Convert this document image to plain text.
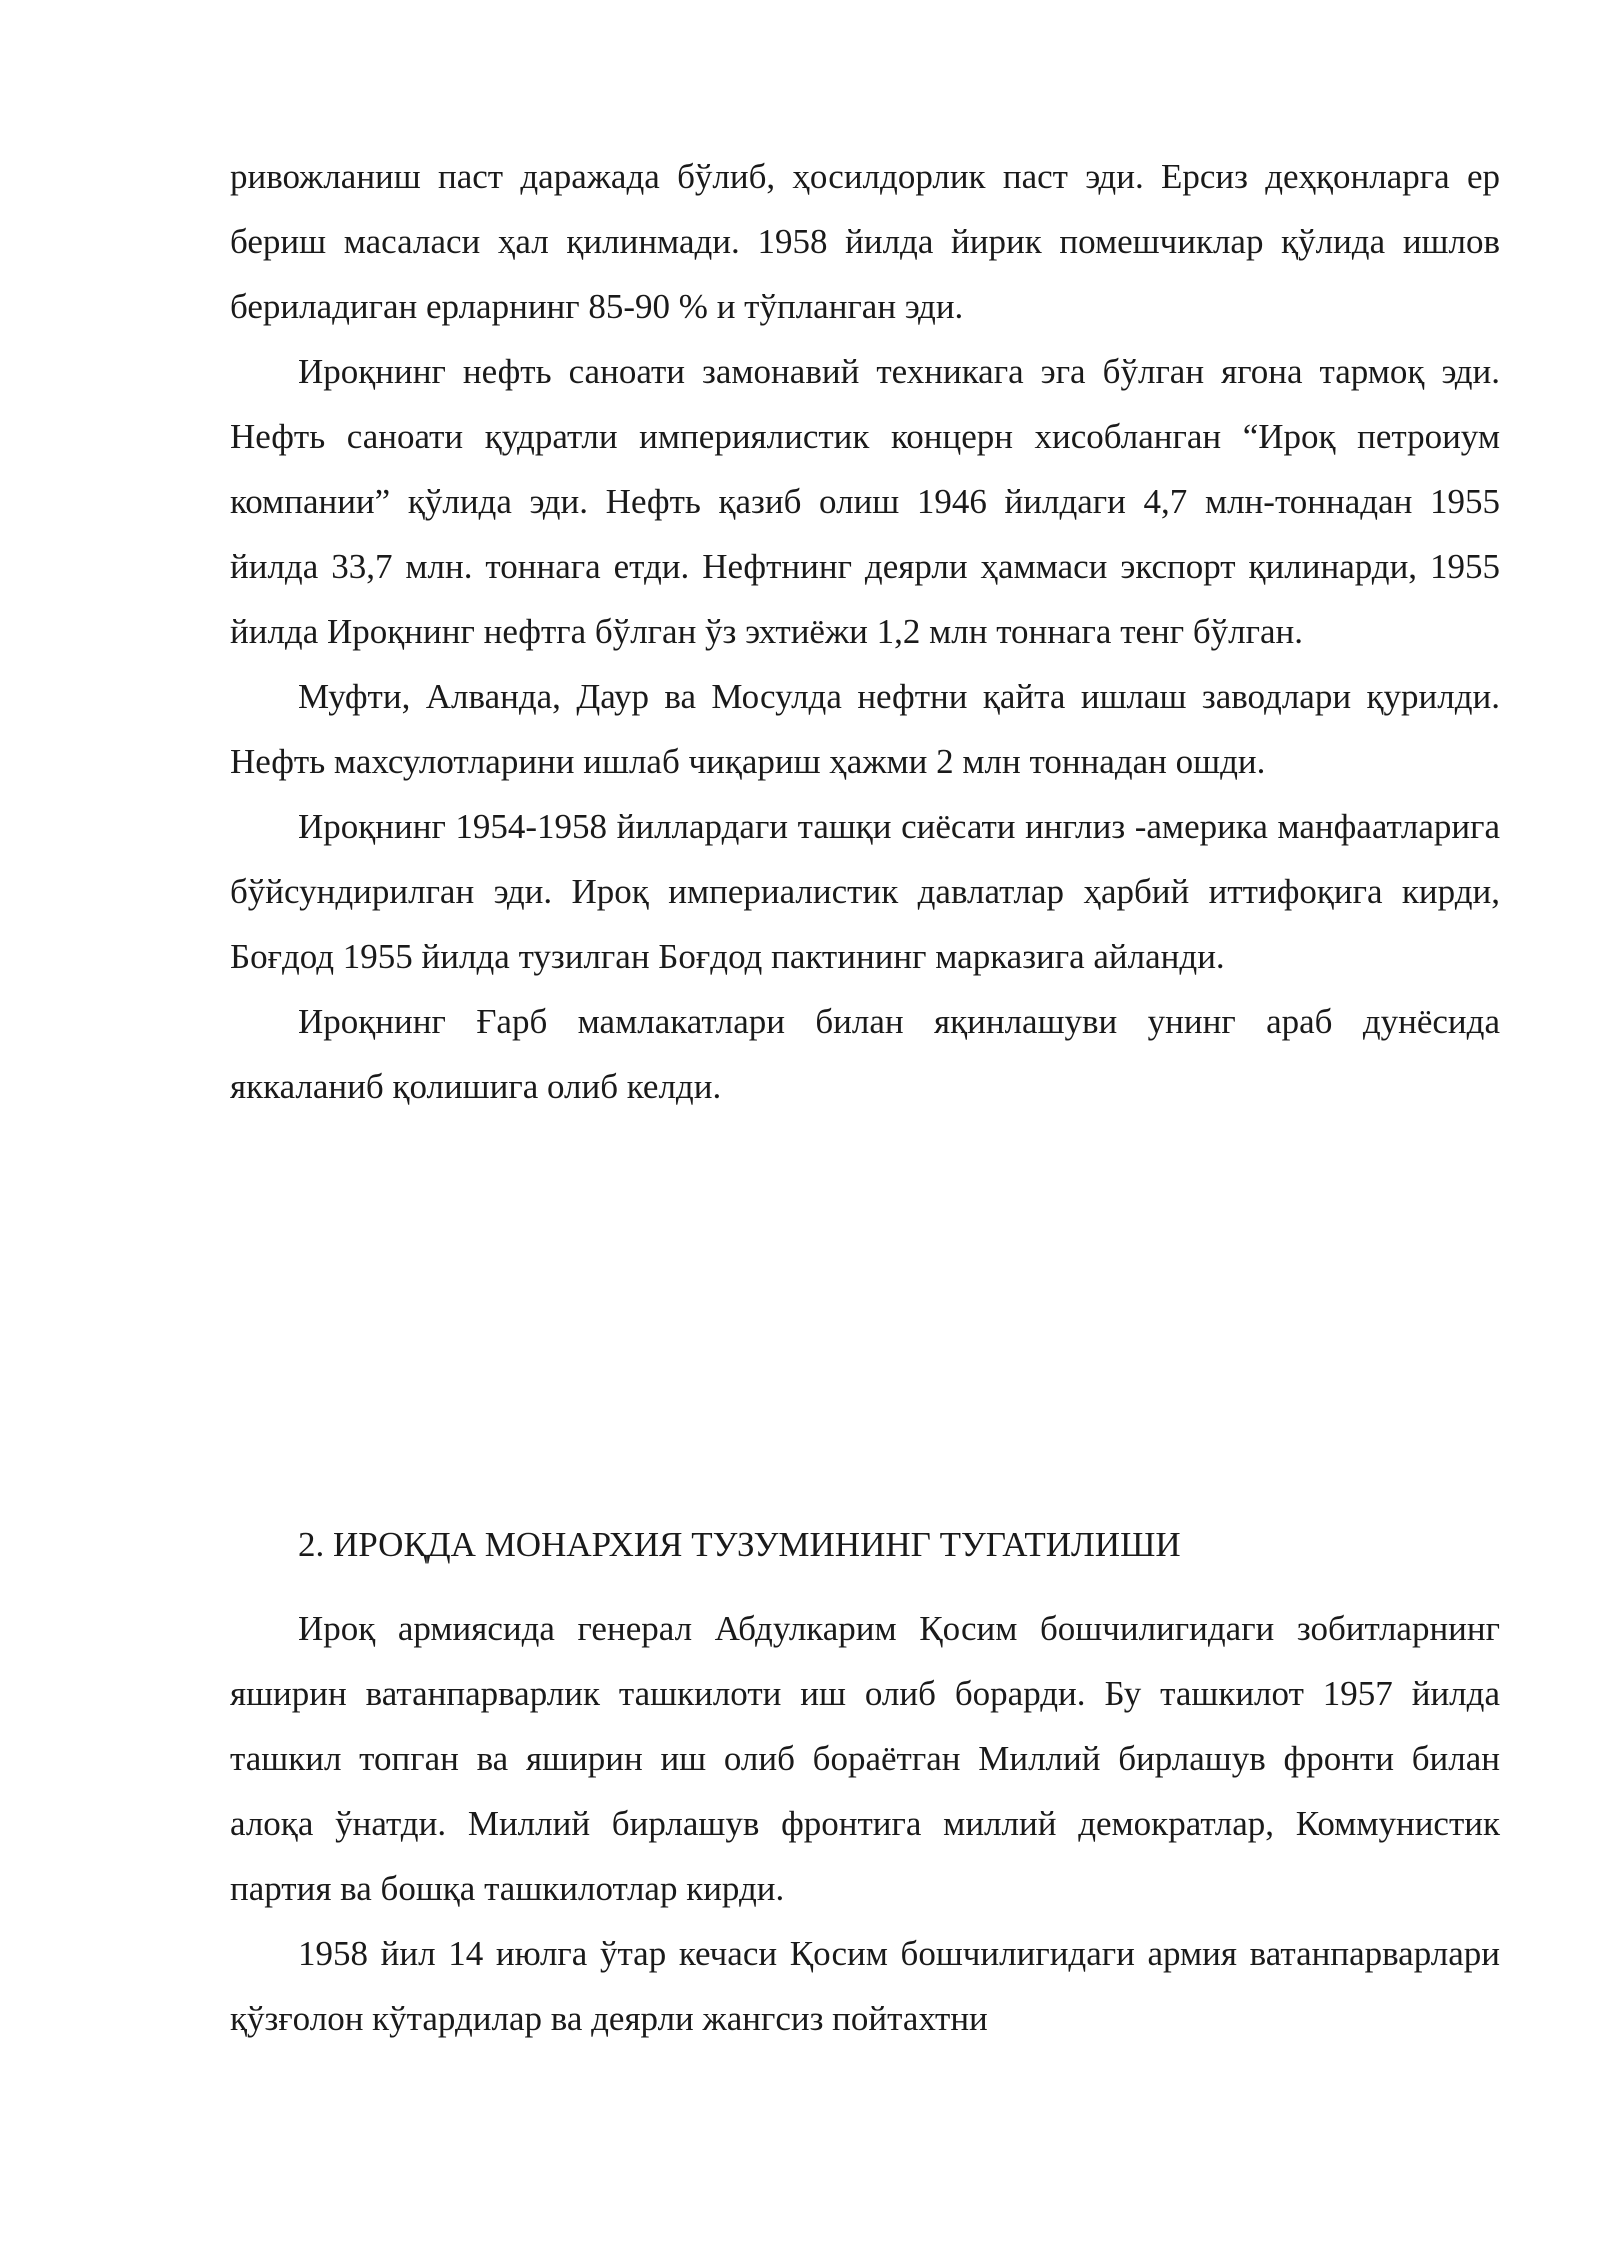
ривожланиш паст даражада бўлиб, ҳосилдорлик паст эди. Ерсиз деҳқонларга ер бериш масаласи ҳал қилинмади. 1958 йилда йирик помешчиклар қўлида ишлов бериладиган ерларнинг 85-90 % и тўпланган эди.

Ироқнинг нефть саноати замонавий техникага эга бўлган ягона тармоқ эди. Нефть саноати қудратли империялистик концерн хисобланган “Ироқ петроиум компании” қўлида эди. Нефть қазиб олиш 1946 йилдаги 4,7 млн-тоннадан 1955 йилда 33,7 млн. тоннага етди. Нефтнинг деярли ҳаммаси экспорт қилинарди, 1955 йилда Ироқнинг нефтга бўлган ўз эхтиёжи 1,2 млн тоннага тенг бўлган.

Муфти, Алванда, Даур ва Мосулда нефтни қайта ишлаш заводлари қурилди. Нефть махсулотларини ишлаб чиқариш ҳажми 2 млн тоннадан ошди.

Ироқнинг 1954-1958 йиллардаги ташқи сиёсати инглиз -америка манфаатларига бўйсундирилган эди. Ироқ империалистик давлатлар ҳарбий иттифоқига кирди, Боғдод 1955 йилда тузилган Боғдод пактининг марказига айланди.

Ироқнинг Ғарб мамлакатлари билан яқинлашуви унинг араб дунёсида яккаланиб қолишига олиб келди.

2. ИРОҚДА МОНАРХИЯ ТУЗУМИНИНГ ТУГАТИЛИШИ

Ироқ армиясида генерал Абдулкарим Қосим бошчилигидаги зобитларнинг яширин ватанпарварлик ташкилоти иш олиб борарди. Бу ташкилот 1957 йилда ташкил топган ва яширин иш олиб бораётган Миллий бирлашув фронти билан алоқа ўнатди. Миллий бирлашув фронтига миллий демократлар, Коммунистик партия ва бошқа ташкилотлар кирди.

1958 йил 14 июлга ўтар кечаси Қосим бошчилигидаги армия ватанпарварлари қўзғолон кўтардилар ва деярли жангсиз пойтахтни
